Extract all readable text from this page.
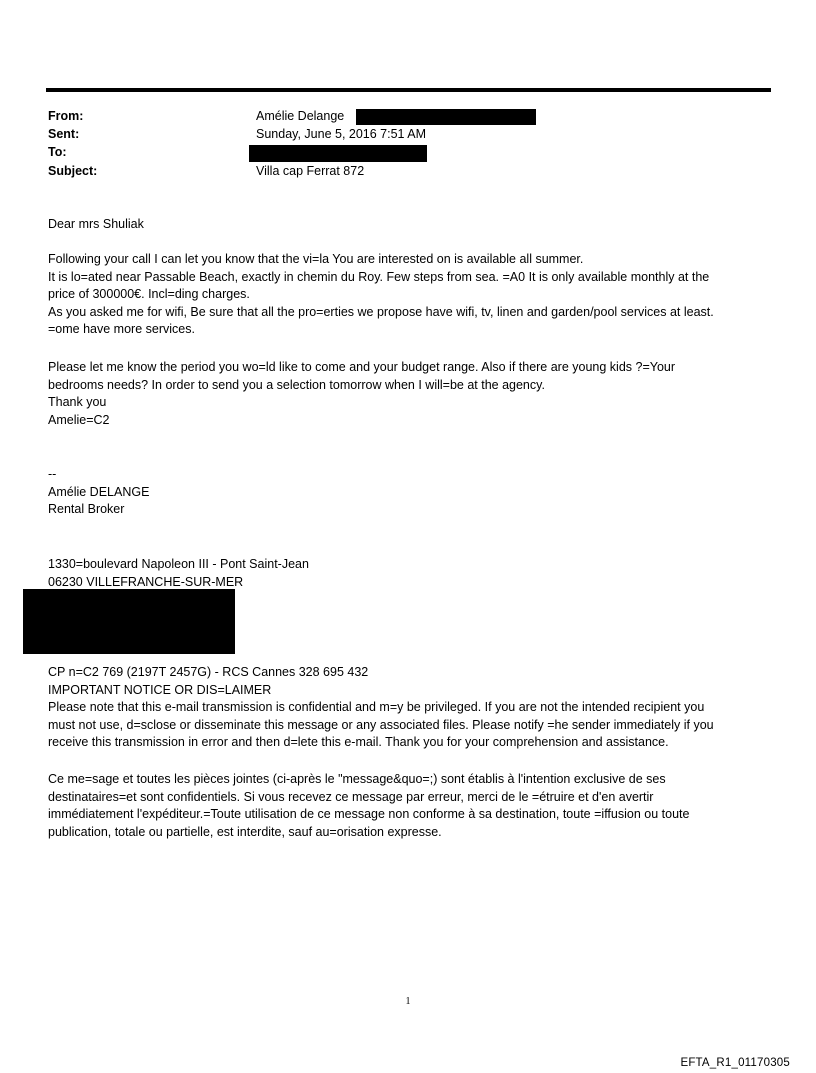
From:	Amélie Delange
Sent:	Sunday, June 5, 2016 7:51 AM
To:
Subject:	Villa cap Ferrat 872

Dear mrs Shuliak

Following your call I can let you know that the vi=la You are interested on is available all summer.
It is lo=ated near Passable Beach, exactly in chemin du Roy. Few steps from sea. =A0 It is only available monthly at the
price of 300000€. Incl=ding charges.
As you asked me for wifi, Be sure that all the pro=erties we propose have wifi, tv, linen and garden/pool services at least.
=ome have more services.

Please let me know the period you wo=ld like to come and your budget range. Also if there are young kids ?=Your
bedrooms needs? In order to send you a selection tomorrow when I will=be at the agency.
Thank you
Amelie=C2

--
Amélie DELANGE
Rental Broker

1330=boulevard Napoleon III - Pont Saint-Jean
06230 VILLEFRANCHE-SUR-MER

CP n=C2 769 (2197T 2457G) - RCS Cannes 328 695 432
IMPORTANT NOTICE OR DIS=LAIMER
Please note that this e-mail transmission is confidential and m=y be privileged. If you are not the intended recipient you
must not use, d=sclose or disseminate this message or any associated files. Please notify =he sender immediately if you
receive this transmission in error and then d=lete this e-mail. Thank you for your comprehension and assistance.

Ce me=sage et toutes les pièces jointes (ci-après le "message&quo=;) sont établis à l'intention exclusive de ses
destinataires=et sont confidentiels. Si vous recevez ce message par erreur, merci de le =étruire et d'en avertir
immédiatement l'expéditeur.=Toute utilisation de ce message non conforme à sa destination, toute =iffusion ou toute
publication, totale ou partielle, est interdite, sauf au=orisation expresse.

1
EFTA_R1_01170305
